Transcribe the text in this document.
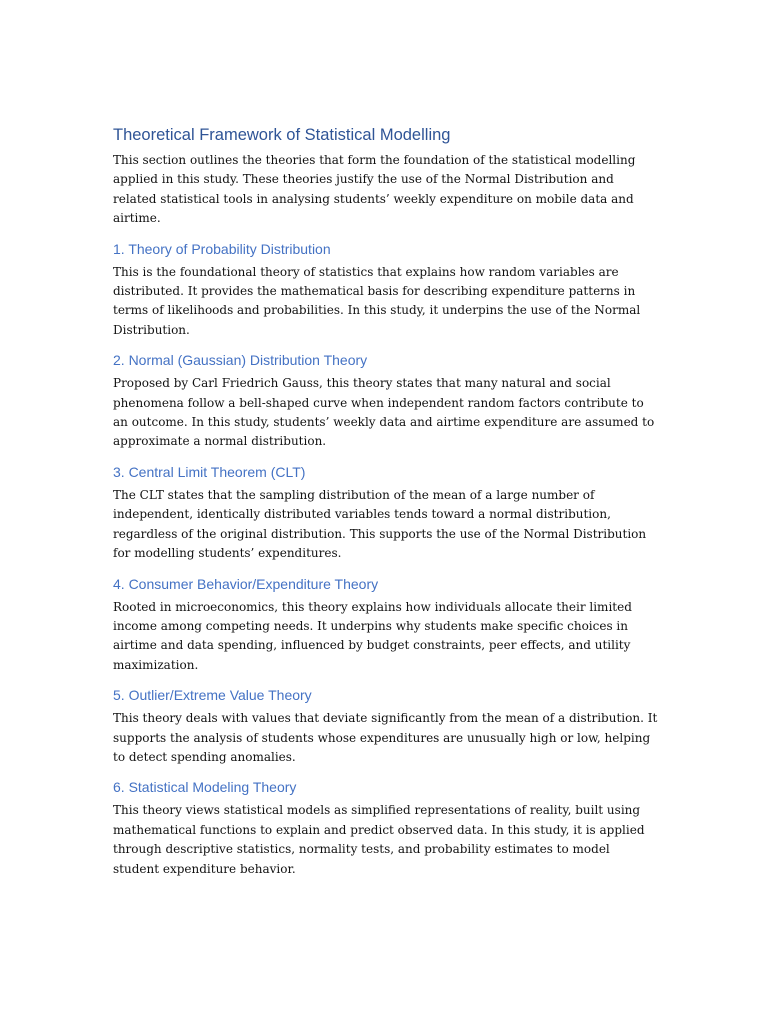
Theoretical Framework of Statistical Modelling

This section outlines the theories that form the foundation of the statistical modelling applied in this study. These theories justify the use of the Normal Distribution and related statistical tools in analysing students’ weekly expenditure on mobile data and airtime.

1. Theory of Probability Distribution

This is the foundational theory of statistics that explains how random variables are distributed. It provides the mathematical basis for describing expenditure patterns in terms of likelihoods and probabilities. In this study, it underpins the use of the Normal Distribution.

2. Normal (Gaussian) Distribution Theory

Proposed by Carl Friedrich Gauss, this theory states that many natural and social phenomena follow a bell-shaped curve when independent random factors contribute to an outcome. In this study, students’ weekly data and airtime expenditure are assumed to approximate a normal distribution.

3. Central Limit Theorem (CLT)

The CLT states that the sampling distribution of the mean of a large number of independent, identically distributed variables tends toward a normal distribution, regardless of the original distribution. This supports the use of the Normal Distribution for modelling students’ expenditures.

4. Consumer Behavior/Expenditure Theory

Rooted in microeconomics, this theory explains how individuals allocate their limited income among competing needs. It underpins why students make specific choices in airtime and data spending, influenced by budget constraints, peer effects, and utility maximization.

5. Outlier/Extreme Value Theory

This theory deals with values that deviate significantly from the mean of a distribution. It supports the analysis of students whose expenditures are unusually high or low, helping to detect spending anomalies.

6. Statistical Modeling Theory

This theory views statistical models as simplified representations of reality, built using mathematical functions to explain and predict observed data. In this study, it is applied through descriptive statistics, normality tests, and probability estimates to model student expenditure behavior.
